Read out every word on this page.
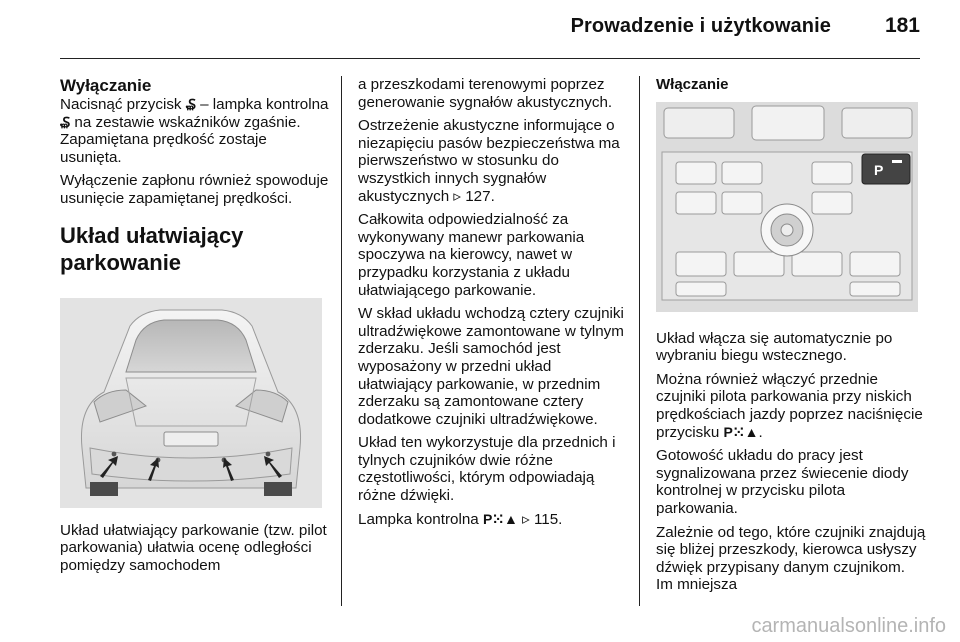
Prowadzenie i użytkowanie	181
Wyłączanie

Nacisnąć przycisk ₷ – lampka kontrolna ₷ na zestawie wskaźników zgaśnie. Zapamiętana prędkość zostaje usunięta.

Wyłączenie zapłonu również spowoduje usunięcie zapamiętanej prędkości.

Układ ułatwiający parkowanie

Układ ułatwiający parkowanie (tzw. pilot parkowania) ułatwia ocenę odległości pomiędzy samochodem

a przeszkodami terenowymi poprzez generowanie sygnałów akustycznych.

Ostrzeżenie akustyczne informujące o niezapięciu pasów bezpieczeństwa ma pierwszeństwo w stosunku do wszystkich innych sygnałów akustycznych ▹ 127.

Całkowita odpowiedzialność za wykonywany manewr parkowania spoczywa na kierowcy, nawet w przypadku korzystania z układu ułatwiającego parkowanie.

W skład układu wchodzą cztery czujniki ultradźwiękowe zamontowane w tylnym zderzaku. Jeśli samochód jest wyposażony w przedni układ ułatwiający parkowanie, w przednim zderzaku są zamontowane cztery dodatkowe czujniki ultradźwiękowe.

Układ ten wykorzystuje dla przednich i tylnych czujników dwie różne częstotliwości, którym odpowiadają różne dźwięki.

Lampka kontrolna P⁙▲ ▹ 115.

Włączanie
P

Układ włącza się automatycznie po wybraniu biegu wstecznego.

Można również włączyć przednie czujniki pilota parkowania przy niskich prędkościach jazdy poprzez naciśnięcie przycisku P⁙▲.

Gotowość układu do pracy jest sygnalizowana przez świecenie diody kontrolnej w przycisku pilota parkowania.

Zależnie od tego, które czujniki znajdują się bliżej przeszkody, kierowca usłyszy dźwięk przypisany danym czujnikom. Im mniejsza

carmanualsonline.info
